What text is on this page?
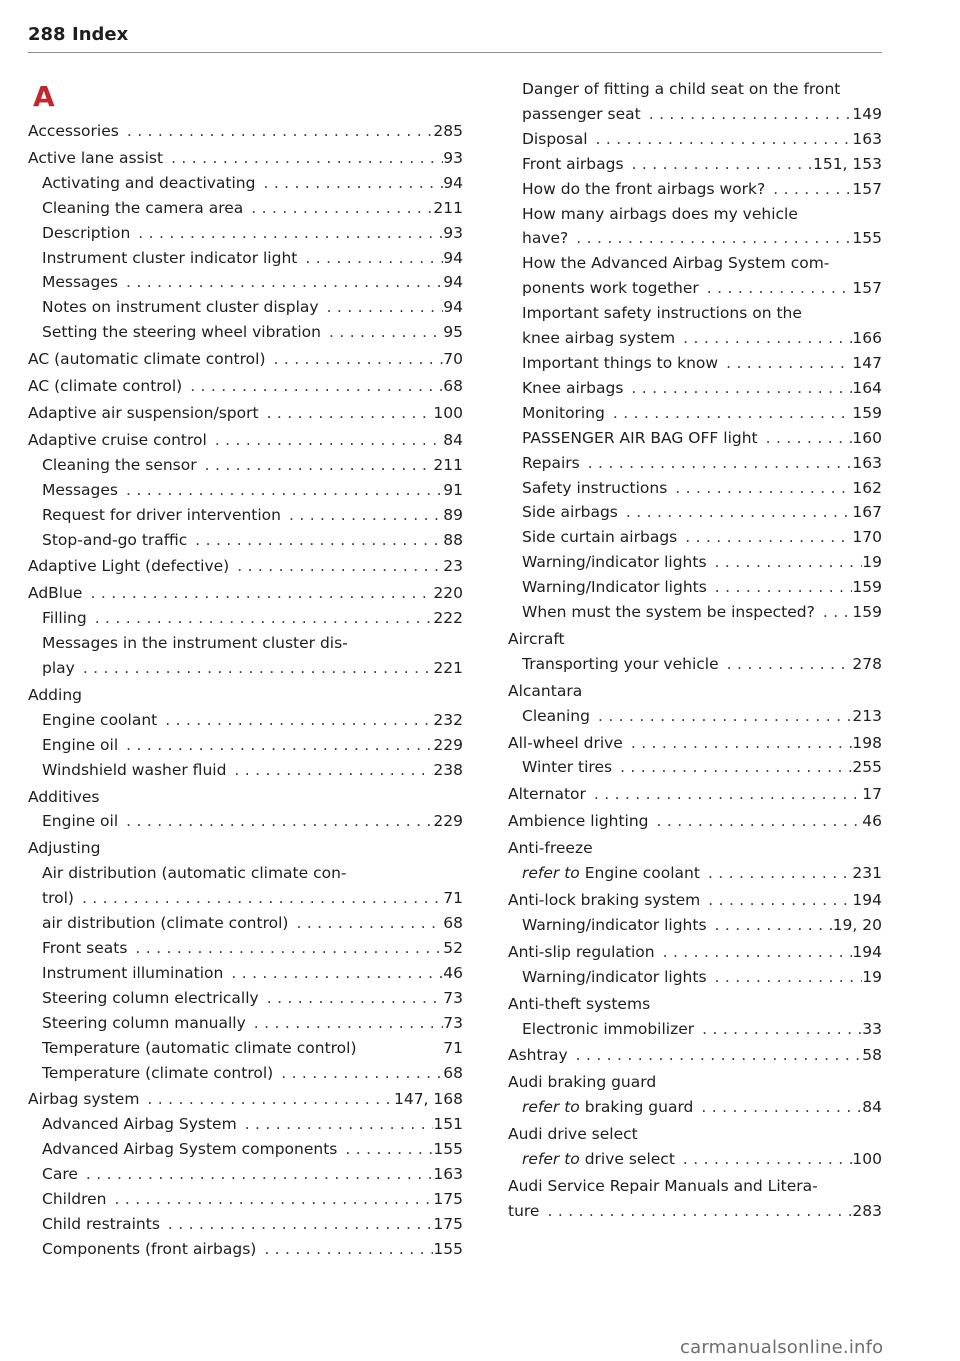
288 Index
A
Accessories . . .	285
Active lane assist . . .	93
Activating and deactivating . . .	94
Cleaning the camera area . . .	211
Description . . .	93
Instrument cluster indicator light . . .	94
Messages . . .	94
Notes on instrument cluster display . . .	94
Setting the steering wheel vibration . . .	95
AC (automatic climate control) . . .	70
AC (climate control) . . .	68
Adaptive air suspension/sport . . .	100
Adaptive cruise control . . .	84
Cleaning the sensor . . .	211
Messages . . .	91
Request for driver intervention . . .	89
Stop-and-go traffic . . .	88
Adaptive Light (defective) . . .	23
AdBlue . . .	220
Filling . . .	222
Messages in the instrument cluster dis-
play . . .	221
Adding
Engine coolant . . .	232
Engine oil . . .	229
Windshield washer fluid . . .	238
Additives
Engine oil . . .	229
Adjusting
Air distribution (automatic climate con-
trol) . . .	71
air distribution (climate control) . . .	68
Front seats . . .	52
Instrument illumination . . .	46
Steering column electrically . . .	73
Steering column manually . . .	73
Temperature (automatic climate control)	71
Temperature (climate control) . . .	68
Airbag system . . .	147, 168
Advanced Airbag System . . .	151
Advanced Airbag System components . . .	155
Care . . .	163
Children . . .	175
Child restraints . . .	175
Components (front airbags) . . .	155
Danger of fitting a child seat on the front
passenger seat . . .	149
Disposal . . .	163
Front airbags . . .	151, 153
How do the front airbags work? . . .	157
How many airbags does my vehicle
have? . . .	155
How the Advanced Airbag System com-
ponents work together . . .	157
Important safety instructions on the
knee airbag system . . .	166
Important things to know . . .	147
Knee airbags . . .	164
Monitoring . . .	159
PASSENGER AIR BAG OFF light . . .	160
Repairs . . .	163
Safety instructions . . .	162
Side airbags . . .	167
Side curtain airbags . . .	170
Warning/indicator lights . . .	19
Warning/Indicator lights . . .	159
When must the system be inspected? . . . 159
Aircraft
Transporting your vehicle . . .	278
Alcantara
Cleaning . . .	213
All-wheel drive . . .	198
Winter tires . . .	255
Alternator . . .	17
Ambience lighting . . .	46
Anti-freeze
refer to Engine coolant . . .	231
Anti-lock braking system . . .	194
Warning/indicator lights . . .	19, 20
Anti-slip regulation . . .	194
Warning/indicator lights . . .	19
Anti-theft systems
Electronic immobilizer . . .	33
Ashtray . . .	58
Audi braking guard
refer to braking guard . . .	84
Audi drive select
refer to drive select . . .	100
Audi Service Repair Manuals and Litera-
ture . . .	283
carmanualsonline.info
